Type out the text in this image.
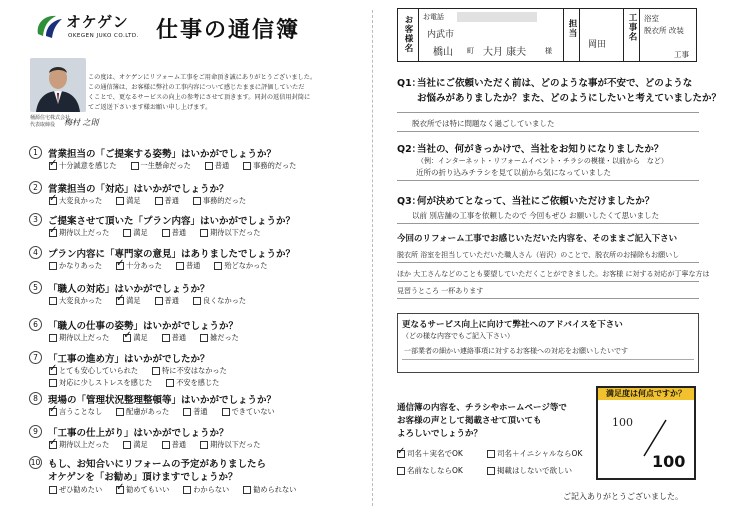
オケゲン
OKEGEN JUKO CO.LTD. 仕事の通信簿
桶源住宅株式会社
代表取締役 梅村 之則
この度は、オケゲンにリフォーム工事をご用命頂き誠にありがとうございました。
この通信簿は、お客様に弊社の工事内容について感じたままに評価していただ
くことで、更なるサービスの向上の参考にさせて頂きます。同封の返信用封筒に
てご返送下さいます様お願い申し上げます。
1	営業担当の「ご提案する姿勢」はいかがでしょうか？
✓
十分誠意を感じた	一生懸命だった	普通	事務的だった
2	営業担当の「対応」はいかがでしょうか？
✓
大変良かった	満足	普通	事務的だった
3	ご提案させて頂いた「プラン内容」はいかがでしょうか？
✓
期待以上だった	満足	普通	期待以下だった
4	プラン内容に「専門家の意見」はありましたでしょうか？
かなりあった ✓	十分あった	普通	殆どなかった
5	「職人の対応」はいかがでしょうか？
大変良かった ✓	満足	普通	良くなかった
6	「職人の仕事の姿勢」はいかがでしょうか？
期待以上だった ✓	満足	普通	雑だった
7	「工事の進め方」はいかがでしたか？
✓
とても安心していられた	特に不安はなかった
対応に少しストレスを感じた	不安を感じた
8	現場の「管理状況整理整頓等」はいかがでしょうか？
✓
言うことなし	配慮があった	普通	できていない
9	「工事の仕上がり」はいかがでしょうか？
✓
期待以上だった	満足	普通	期待以下だった
10 もし、お知合いにリフォームの予定がありましたら
オケゲンを「お勧め」頂けますでしょうか？
ぜひ勧めたい ✓	勧めてもいい	わからない	勧められない
お客様名 お電話
内武市
橋山 町 大月 康夫	様
担当
岡田
工事名 浴室
脱衣所 改装
工事
Q1：
当社にご依頼いただく前は、どのような事が不安で、どのような
お悩みがありましたか？また、どのようにしたいと考えていましたか？
脱衣所では特に問題なく過ごしていました
Q2：
当社の、何がきっかけで、当社をお知りになりましたか？
（例：インターネット・リフォームイベント・チラシの模様・以前から　など）
近所の折り込みチラシを見て以前から気になっていました
Q3：
何が決めてとなって、当社にご依頼いただけましたか？
以前 別店舗の工事を依頼したので 今回もぜひ お願いしたくて思いました
今回のリフォーム工事でお感じいただいた内容を、そのままご記入下さい
脱衣所 浴室を担当していただいた職人さん（岩沢）のことで、脱衣所のお掃除もお願いし
ほか 大工さんなどのことも要望していただくことができました。お客様 に対する対応が丁寧な方は
見習うところ 一杯あります
更なるサービス向上に向けて弊社へのアドバイスを下さい
（どの様な内容でもご記入下さい）
一部業者の細かい連絡事項に対するお客様への対応をお願いしたいです
通信簿の内容を、チラシやホームページ等で
お客様の声として掲載させて頂いても
よろしいでしょうか？
✓
司名＋実名でOK	司名＋イニシャルならOK
名前なしならOK	掲載はしないで欲しい
満足度は何点ですか？
100
100
ご記入ありがとうございました。
